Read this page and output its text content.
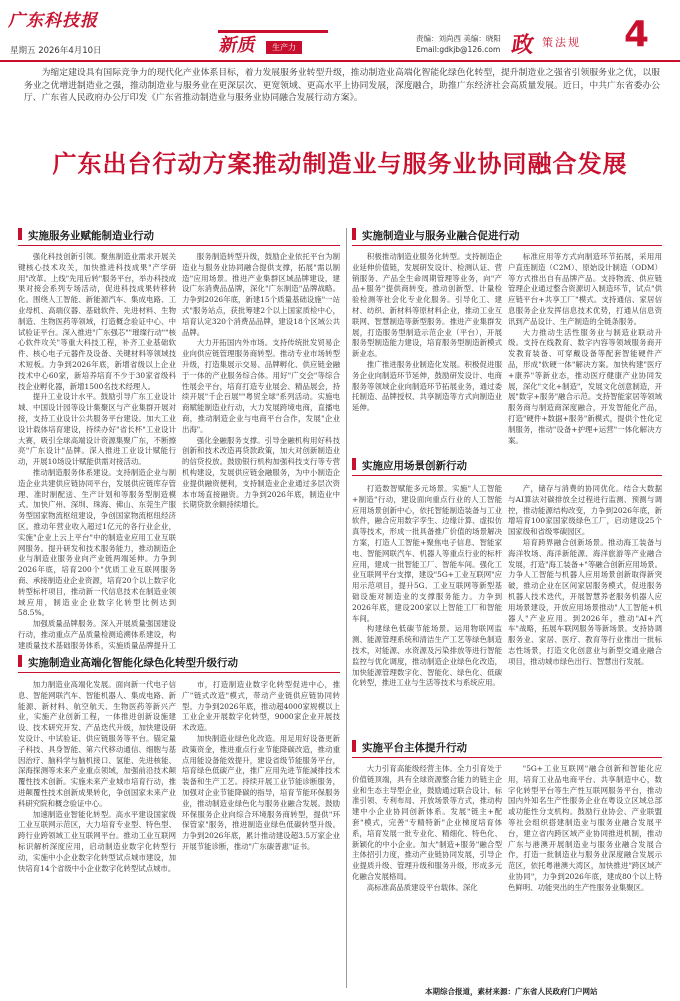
广东科技报
星期五 2026年4月10日	新质	生产力
责编：刘尚西 美编：晓阳
Email:gdkjb@126.com 政 策法规 4
为缩定建设具有国际竞争力的现代化产业体系目标，着力发展服务业转型升级，推动制造业高端化智能化绿色化转型，提升制造业之强省引领服务业之优，以服务业之优增进制造业之强，推动制造业与服务业在更深层次、更宽领域、更高水平上协同发展，深度融合，助推广东经济社会高质量发展。近日，中共广东省委办公厅、广东省人民政府办公厅印发《广东省推动制造业与服务业协同融合发展行动方案》。
广东出台行动方案推动制造业与服务业协同融合发展
实施服务业赋能制造业行动

强化科技创新引领。聚焦制造业需求开展关键核心技术攻关，加快推进科技成果"产学研用"改革。上线"先用后转"服务平台，举办科技成果对接会系列专场活动，促进科技成果转移转化。围绕人工智能、新能源汽车、集成电路、工业母机、高端仪器、基础软件、先进材料、生物制造、生物医药等领域，打造概念验证中心、中试验证平台。深入推进"广东强芯""璀璨行动""核心软件攻关"等重大科技工程，补齐工业基础软件、核心电子元器件及设备、关键材料等领域技术短板。力争到2026年底，新增省级以上企业技术中心60家，新培养培育不少于30家省级科技企业孵化器，新增1500名技术经理人。

提升工业设计水平。鼓励引导广东工业设计城、中国设计园等设计集聚区与产业集群开展对接，支持工业设计公共服务平台建设。加大工业设计载体培育建设，持续办好"省长杯"工业设计大赛，吸引全球高端设计资源集聚广东，不断擦亮"广东设计"品牌。深入推进工业设计赋能行动，开展10场设计赋能供需对接活动。

推动制造服务体系建设。支持制造企业与制造企业共建供应链协同平台，发展供应链库存管理、准时制配送、生产计划和等服务型制造模式。加快广州、深圳、珠海、佛山、东莞生产服务型国家物流枢纽建设，争创国家物流枢纽经济区。推动年营业收入超过1亿元的各行业企业，实施"企业上云上平台"中的制造业应用工业互联网服务。提升研发和技术服务能力，推动制造企业与制造业服务业向产业链两端延伸。力争到2026年底，培育200个"优质工业互联网服务商、承接制造业企业资源，培育20个以上数字化转型标杆项目，推动新一代信息技术在制造业领域应用，制造业企业数字化转型比例达到58.5%。

加强质量品牌服务。深入开展质量强国建设行动，推动重点产品质量检测追溯体系建设，构建质量技术基础服务体系，实施质量品牌提升工

服务制造转型升级，鼓励企业依托平台为制造业与服务业协同融合提供支撑，拓展"需以制造"应用场景。推进产业集群区域品牌建设，建设广东消费品品牌，深化"广东制造"品牌战略。力争到2026年底，新建15个质量基础设施"一站式"服务站点，获批筹建2个以上国家质检中心，培育认定320个消费品品牌，建设18个区域公共品牌。

大力开拓国内外市场。支持传统批发贸易企业向供应链管理服务商转型。推动专业市场转型升级，打造集展示交易、品牌孵化、供应链金融于一体的产业服务综合体。用好"广交会"等综合性展会平台，培育打造专业展会、精品展会，持续开展"千企百展""粤贸全球"系列活动。实施电商赋能制造业行动，大力发展跨境电商，直播电商，推动制造企业与电商平台合作，发展"企业出海"。

强化金融服务支撑。引导金融机构用好科技创新和技术改造再贷款政策，加大对创新制造业的信贷投放。鼓励银行机构加强科技支行等专营机构建设，发展供应链金融服务，为中小制造企业提供融资便利，支持制造业企业通过多层次资本市场直接融资。力争到2026年底，制造业中长期贷款余额持续增长。

实施制造业与服务业融合促进行动

积极推动制造业服务化转型。支持制造企业延伸价值链，发展研发设计、检测认证、营销服务、产品全生命周期管理等业务，向"产品+服务"提供商转变。推动创新型、计量检验检测等社会化专业化服务。引导化工、建材、纺织、新材料等原材料企业，推动工业互联网、智慧制造等新型服务。推进产业集群发展，打造服务型制造示范企业（平台），开展服务型制造能力建设，培育服务型制造新模式新业态。

推广推进服务业制造化发展。积极促进服务企业向制造环节延伸，鼓励研发设计、电商服务等领域企业向制造环节拓展业务，通过委托制造、品牌授权、共享制造等方式向制造业延伸。

标准应用等方式向制造环节拓展，采用用户直连制造（C2M）、原始设计制造（ODM）等方式推出自有品牌产品。支持物流、供应链管理企业通过整合资源切入制造环节，试点"供应链平台+共享工厂"模式。支持通信、家居信息服务企业发挥信息技术优势，打通从信息资讯到产品设计、生产制造的全链条服务。

大力推动生活性服务业与制造业联动升级。支持在线教育、数字内容等领域服务商开发教育装备、可穿戴设备等配套智能硬件产品，形成"软硬一体"解决方案。加快构建"医疗+康养"等新业态，推动医疗健康产业协同发展，深化"文化+制造"，发展文化创意制造，开展"数字+服务"融合示范。支持智能家居等领域服务商与制造商深度融合，开发智能化产品，打造"硬件+数据+服务"新模式，提供个性化定制服务，推动"设备+护理+运营"一体化解决方案。

实施应用场景创新行动

打造数智赋能多元场景。实施"人工智能+制造"行动，建设面向重点行业的人工智能应用场景创新中心，依托智能制造装备与工业软件，融合应用数字孪生、边缘计算、虚拟仿真等技术，形成一批具备推广价值的场景解决方案，打造人工智能+聚焦电子信息、智能家电、智能网联汽车、机器人等重点行业的标杆应用，建成一批智能工厂、智能车间。强化工业互联网平台支撑，建设"5G+工业互联网"应用示范项目，提升5G、工业互联网等新型基础设施对制造业的支撑服务能力。力争到2026年底，建设200家以上智能工厂和智能车间。

构建绿色低碳节能场景。运用物联网监测、能源管理系统和清洁生产工艺等绿色制造技术，对能源、水资源及污染排放等进行智能监控与优化调度，推动制造企业绿色化改造，加快能源管理数字化、智能化、绿色化、低碳化转型，推进工业与生活等技术与系统应用。

产，储存与消费的协同优化。结合大数据与AI算法对碳排放全过程进行监测、预测与调控，推动能源结构改变，力争到2026年底，新增培育100家国家级绿色工厂，启动建设25个国家级和省级零碳园区。

培育跨界融合创新场景。推动海工装备与海洋牧场、海洋新能源、海洋旅游等产业融合发展，打造"海工装备+"等融合创新应用场景。力争人工智能与机器人应用场景创新取得新突破，推动企业在区间家居服务模式，促进服务机器人技术迭代，开展智慧养老服务机器人应用场景建设，开放应用场景推动"人工智能+机器人"产业应用。到2026年，推动"AI+汽车"战略，拓展车联网服务等新场景。支持协调服务业、家居、医疗、教育等行业推出一批标志性场景，打造文化创意业与新型交通业融合项目，推动城市绿色出行、智慧出行发展。

实施制造业高端化智能化绿色化转型升级行动

加力制造业高端化发展。面向新一代电子信息、智能网联汽车、智能机器人、集成电路、新能源、新材料、航空航天、生物医药等新兴产业，实施产业创新工程，一体推进创新设施建设、技术研究开发、产品迭代升级，加快建设研发设计、中试验证、供应链服务等平台。锚定量子科技、具身智能、第六代移动通信、细胞与基因治疗、脑科学与脑机接口、氢能、先进核能、深海探测等未来产业重点领域，加强前沿技术颠覆性技术创新。实施未来产业城市培育行动，推进颠覆性技术创新成果转化，争创国家未来产业科研究院和概念验证中心。

加速制造业智能化转型。高水平建设国家级工业互联网示范区，大力培育专业型、特色型、跨行业跨领域工业互联网平台。推动工业互联网标识解析深度应用，启动制造业数字化转型行动，实施中小企业数字化转型试点城市建设，加快培育14个省级中小企业数字化转型试点城市。

市，打造制造业数字化转型促进中心，推广"链式改造"模式，带动产业链供应链协同转型。力争到2026年底，推动超4000家规模以上工业企业开展数字化转型，9000家企业开展技术改造。

加快制造业绿色化改造。用足用好设备更新政策资金，推进重点行业节能降碳改造，推动重点用能设备能效提升，建设省级节能服务平台，培育绿色低碳产业，推广应用先进节能减排技术装备和生产工艺。持续开展工业节能诊断服务，加强对企业节能降碳的指导，培育节能环保服务业，推动制造业绿色化与服务业融合发展。鼓励环保服务企业向综合环境服务商转型，提供"环保管家"服务，推进制造业绿色低碳转型升级。力争到2026年底，累计推动建设超3.5万家企业开展节能诊断，推动"广东碳普惠"证书。

实施平台主体提升行动

大力引育高能级经营主体。全力引育处于价值链顶端，具有全球资源整合能力的链主企业和生态主导型企业，鼓励通过联合设计、标准引领、专利布局、开放场景等方式，推动构建中小企业协同创新体系。发展"链主+配套"模式，完善"专精特新"企业梯度培育体系，培育发展一批专业化、精细化、特色化、新颖化的中小企业。加大"制造+服务"融合型主体招引力度，推动产业链协同发展，引导企业提质升级、管理升级和服务升级，形成多元化融合发展格局。

高标准高品质建设平台载体。深化

"5G+工业互联网"融合创新和智能化应用，培育工业品电商平台、共享制造中心，数字化转型平台等生产性互联网服务平台，推动国内外知名生产性服务企业在粤设立区域总部或功能性分支机构。鼓励行业协会、产业联盟等社会组织搭建制造业与服务业融合发展平台，建立省内跨区域产业协同推进机制，推动广东与港澳开展制造业与服务业融合发展合作，打造一批制造业与服务业深度融合发展示范区，依托粤港澳大湾区，加快推进"跨区域产业协同"，力争到2026年底，建成80个以上特色鲜明、功能突出的生产性服务业集聚区。

本期综合报道，素材来源：广东省人民政府门户网站
